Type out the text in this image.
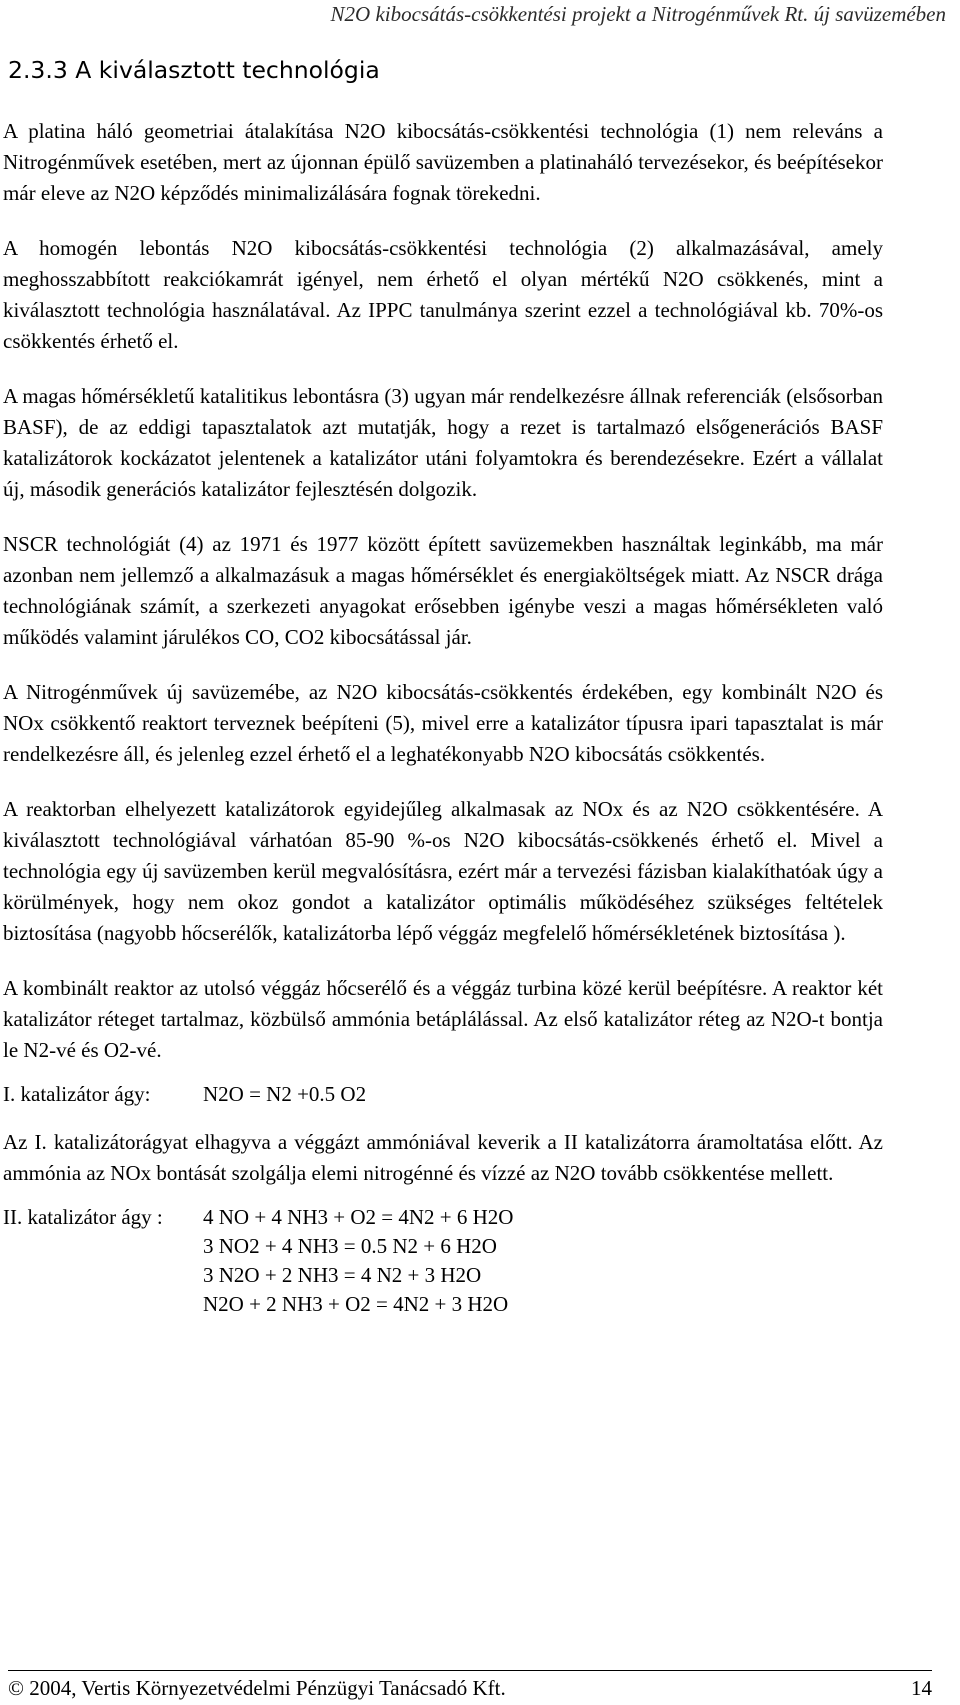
N2O kibocsátás-csökkentési projekt a Nitrogénművek Rt. új savüzemében
2.3.3 A kiválasztott technológia

A platina háló geometriai átalakítása N2O kibocsátás-csökkentési technológia (1) nem releváns a Nitrogénművek esetében, mert az újonnan épülő savüzemben a platinaháló tervezésekor, és beépítésekor már eleve az N2O képződés minimalizálására fognak törekedni.

A homogén lebontás N2O kibocsátás-csökkentési technológia (2) alkalmazásával, amely meghosszabbított reakciókamrát igényel, nem érhető el olyan mértékű N2O csökkenés, mint a kiválasztott technológia használatával. Az IPPC tanulmánya szerint ezzel a technológiával kb. 70%-os csökkentés érhető el.

A magas hőmérsékletű katalitikus lebontásra (3) ugyan már rendelkezésre állnak referenciák (elsősorban BASF), de az eddigi tapasztalatok azt mutatják, hogy a rezet is tartalmazó elsőgenerációs BASF katalizátorok kockázatot jelentenek a katalizátor utáni folyamtokra és berendezésekre. Ezért a vállalat új, második generációs katalizátor fejlesztésén dolgozik.

NSCR technológiát (4) az 1971 és 1977 között épített savüzemekben használtak leginkább, ma már azonban nem jellemző a alkalmazásuk a magas hőmérséklet és energiaköltségek miatt. Az NSCR drága technológiának számít, a szerkezeti anyagokat erősebben igénybe veszi a magas hőmérsékleten való működés valamint járulékos CO, CO2 kibocsátással jár.

A Nitrogénművek új savüzemébe, az N2O kibocsátás-csökkentés érdekében, egy kombinált N2O és NOx csökkentő reaktort terveznek beépíteni (5), mivel erre a katalizátor típusra ipari tapasztalat is már rendelkezésre áll, és jelenleg ezzel érhető el a leghatékonyabb N2O kibocsátás csökkentés.

A reaktorban elhelyezett katalizátorok egyidejűleg alkalmasak az NOx és az N2O csökkentésére. A kiválasztott technológiával várhatóan 85-90 %-os N2O kibocsátás-csökkenés érhető el. Mivel a technológia egy új savüzemben kerül megvalósításra, ezért már a tervezési fázisban kialakíthatóak úgy a körülmények, hogy nem okoz gondot a katalizátor optimális működéséhez szükséges feltételek biztosítása (nagyobb hőcserélők, katalizátorba lépő véggáz megfelelő hőmérsékletének biztosítása ).

A kombinált reaktor az utolsó véggáz hőcserélő és a véggáz turbina közé kerül beépítésre. A reaktor két katalizátor réteget tartalmaz, közbülső ammónia betáplálással. Az első katalizátor réteg az N2O-t bontja le N2-vé és O2-vé.

I. katalizátor ágy:	N2O = N2 +0.5 O2

Az I. katalizátorágyat elhagyva a véggázt ammóniával keverik a II katalizátorra áramoltatása előtt. Az ammónia az NOx bontását szolgálja elemi nitrogénné és vízzé az N2O tovább csökkentése mellett.

II. katalizátor ágy :	4 NO + 4 NH3 + O2 = 4N2 + 6 H2O
3 NO2 + 4 NH3 = 0.5 N2 + 6 H2O
3 N2O + 2 NH3 = 4 N2 + 3 H2O
N2O + 2 NH3 + O2 = 4N2 + 3 H2O
© 2004, Vertis Környezetvédelmi Pénzügyi Tanácsadó Kft.	14
